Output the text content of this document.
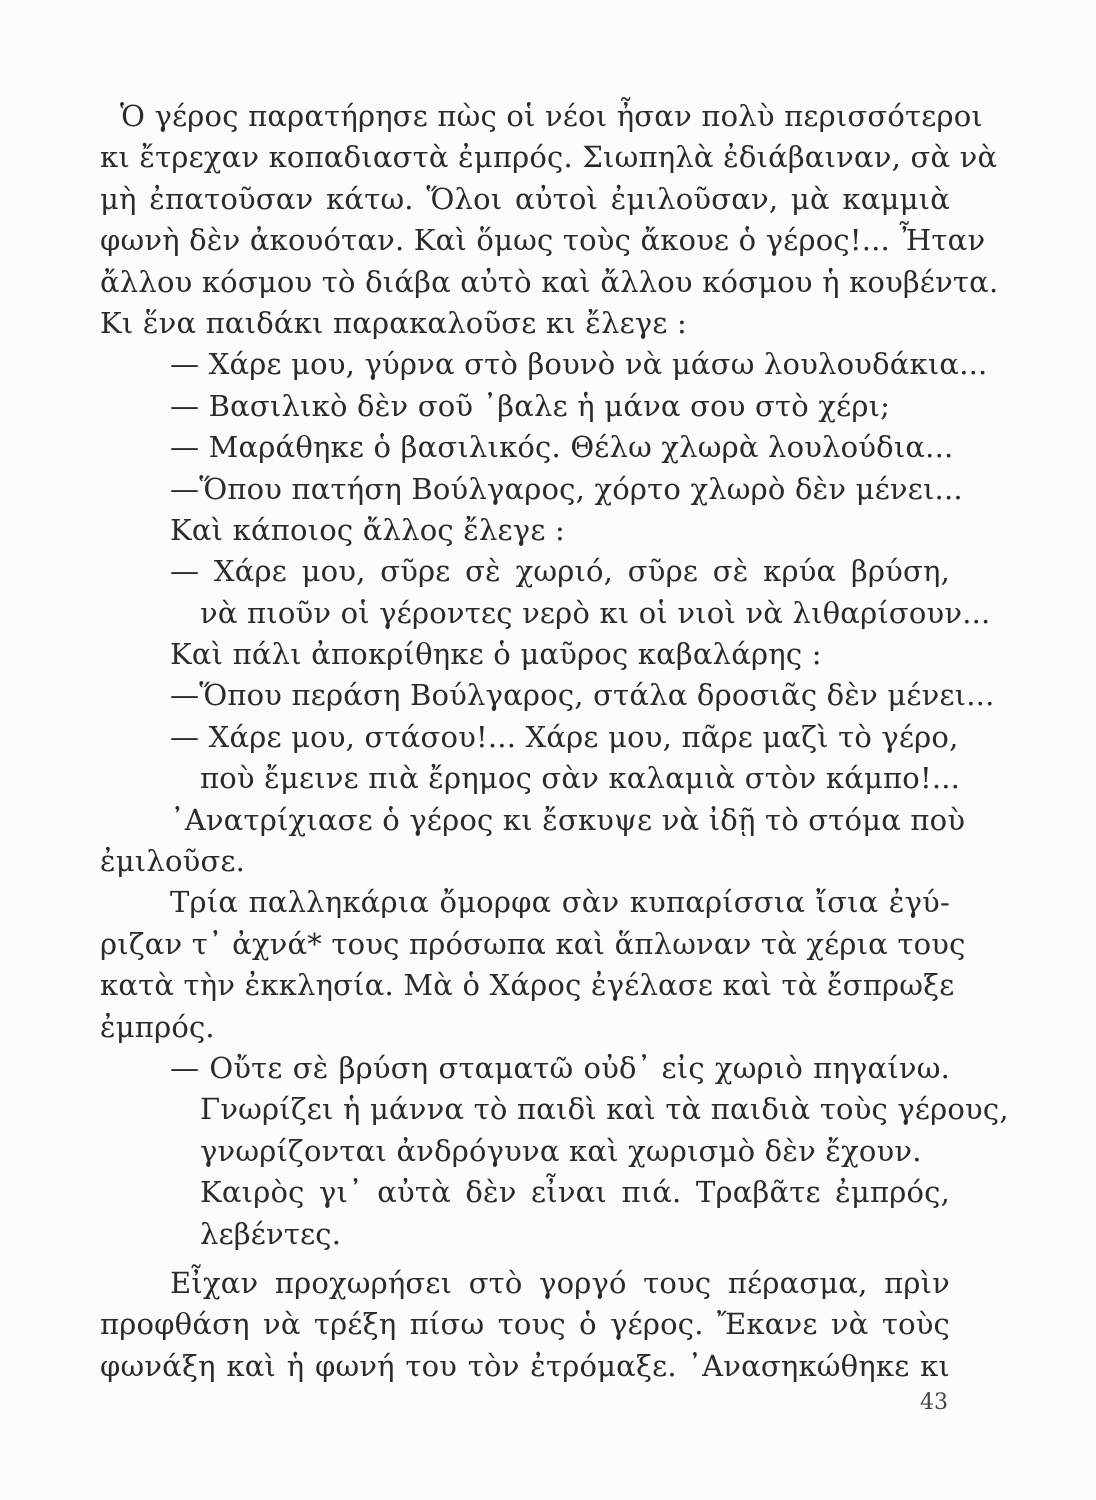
Ὁ γέρος παρατήρησε πὼς οἱ νέοι ἦσαν πολὺ περισσότεροι
κι ἔτρεχαν κοπαδιαστὰ ἐμπρός. Σιωπηλὰ ἐδιάβαιναν, σὰ νὰ
μὴ ἐπατοῦσαν κάτω. Ὅλοι αὐτοὶ ἐμιλοῦσαν, μὰ καμμιὰ
φωνὴ δὲν ἀκουόταν. Καὶ ὅμως τοὺς ἄκουε ὁ γέρος!... Ἦταν
ἄλλου κόσμου τὸ διάβα αὐτὸ καὶ ἄλλου κόσμου ἡ κουβέντα.
Κι ἕνα παιδάκι παρακαλοῦσε κι ἔλεγε :
— Χάρε μου, γύρνα στὸ βουνὸ νὰ μάσω λουλουδάκια...
— Βασιλικὸ δὲν σοῦ ᾿βαλε ἡ μάνα σου στὸ χέρι;
— Μαράθηκε ὁ βασιλικός. Θέλω χλωρὰ λουλούδια...
—Ὅπου πατήση Βούλγαρος, χόρτο χλωρὸ δὲν μένει...
Καὶ κάποιος ἄλλος ἔλεγε :
— Χάρε μου, σῦρε σὲ χωριό, σῦρε σὲ κρύα βρύση,
νὰ πιοῦν οἱ γέροντες νερὸ κι οἱ νιοὶ νὰ λιθαρίσουν...
Καὶ πάλι ἀποκρίθηκε ὁ μαῦρος καβαλάρης :
—Ὅπου περάση Βούλγαρος, στάλα δροσιᾶς δὲν μένει...
— Χάρε μου, στάσου!... Χάρε μου, πᾶρε μαζὶ τὸ γέρο,
ποὺ ἔμεινε πιὰ ἔρημος σὰν καλαμιὰ στὸν κάμπο!...
᾿Ανατρίχιασε ὁ γέρος κι ἔσκυψε νὰ ἰδῇ τὸ στόμα ποὺ
ἐμιλοῦσε.
Τρία παλληκάρια ὄμορφα σὰν κυπαρίσσια ἴσια ἐγύ-
ριζαν τ᾿ ἀχνά* τους πρόσωπα καὶ ἅπλωναν τὰ χέρια τους
κατὰ τὴν ἐκκλησία. Μὰ ὁ Χάρος ἐγέλασε καὶ τὰ ἔσπρωξε
ἐμπρός.
— Οὔτε σὲ βρύση σταματῶ οὐδ᾿ εἰς χωριὸ πηγαίνω.
Γνωρίζει ἡ μάννα τὸ παιδὶ καὶ τὰ παιδιὰ τοὺς γέρους,
γνωρίζονται ἀνδρόγυνα καὶ χωρισμὸ δὲν ἔχουν.
Καιρὸς γι᾿ αὐτὰ δὲν εἶναι πιά. Τραβᾶτε ἐμπρός,
λεβέντες.
Εἶχαν προχωρήσει στὸ γοργό τους πέρασμα, πρὶν
προφθάση νὰ τρέξη πίσω τους ὁ γέρος. Ἔκανε νὰ τοὺς
φωνάξη καὶ ἡ φωνή του τὸν ἐτρόμαξε. ᾿Ανασηκώθηκε κι
43
